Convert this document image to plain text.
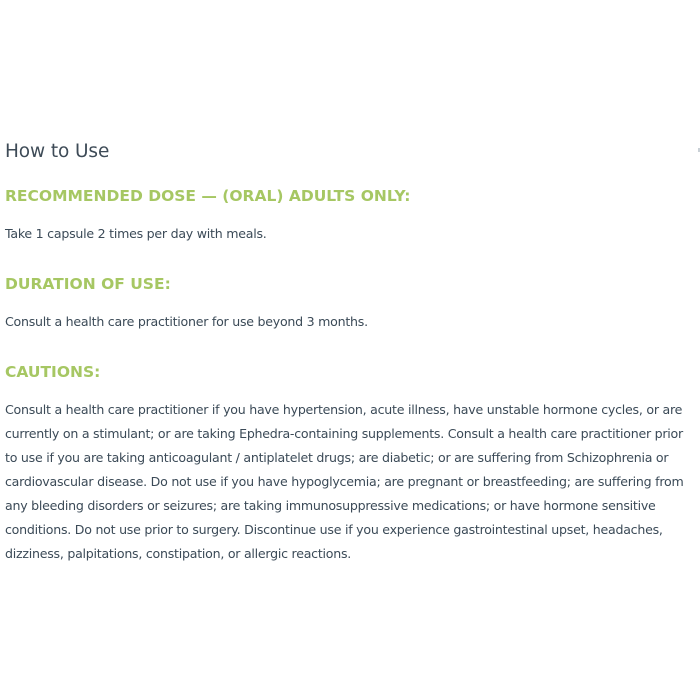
How to Use
RECOMMENDED DOSE — (ORAL) ADULTS ONLY:

Take 1 capsule 2 times per day with meals.

DURATION OF USE:

Consult a health care practitioner for use beyond 3 months.

CAUTIONS:
Consult a health care practitioner if you have hypertension, acute illness, have unstable hormone cycles, or are
currently on a stimulant; or are taking Ephedra-containing supplements. Consult a health care practitioner prior
to use if you are taking anticoagulant / antiplatelet drugs; are diabetic; or are suffering from Schizophrenia or
cardiovascular disease. Do not use if you have hypoglycemia; are pregnant or breastfeeding; are suffering from
any bleeding disorders or seizures; are taking immunosuppressive medications; or have hormone sensitive
conditions. Do not use prior to surgery. Discontinue use if you experience gastrointestinal upset, headaches,
dizziness, palpitations, constipation, or allergic reactions.
